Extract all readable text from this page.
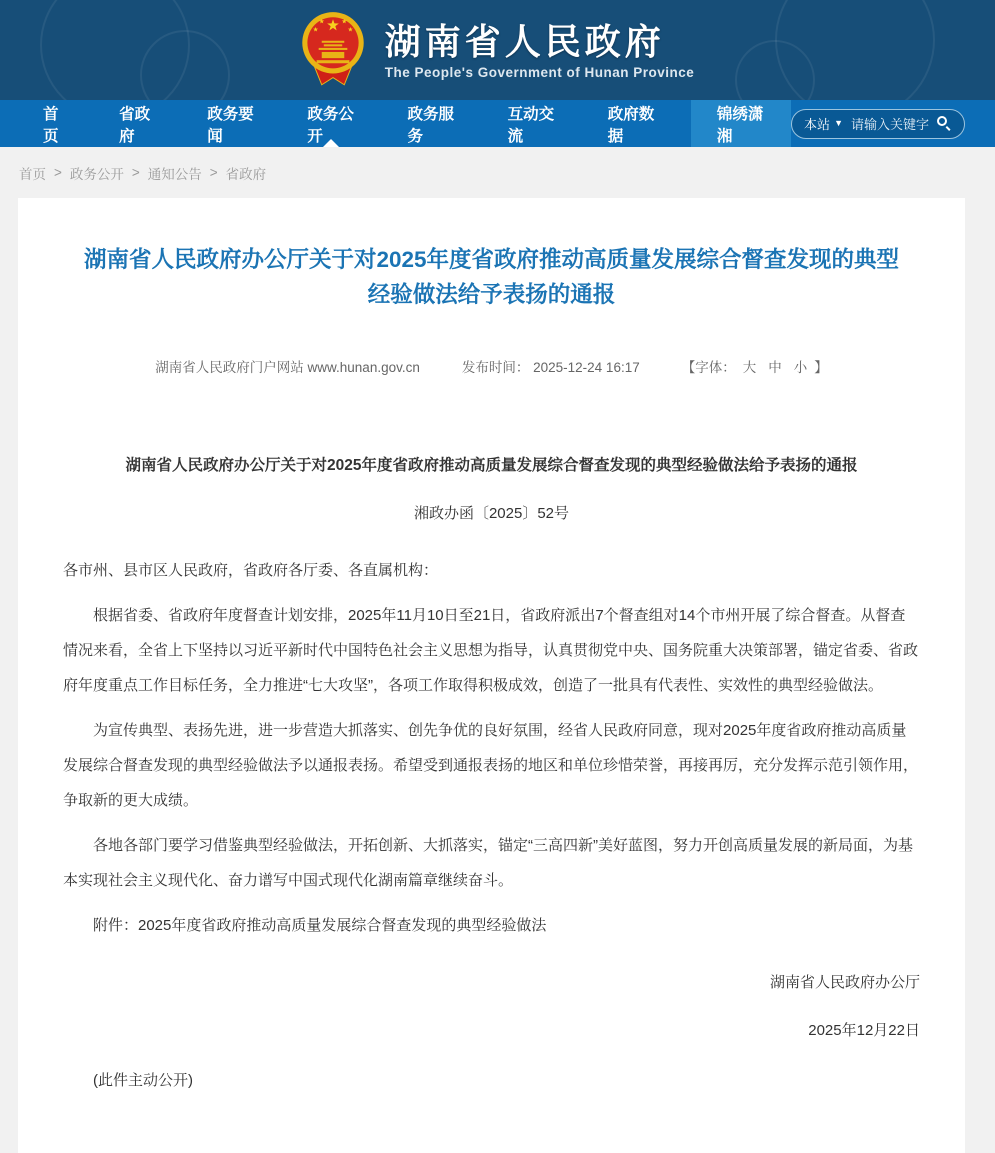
湖南省人民政府
The People's Government of Hunan Province
首页
省政府
政务要闻
政务公开
政务服务
互动交流
政府数据
锦绣潇湘
本站 ▼ 请输入关键字
首页 > 政务公开 > 通知公告 > 省政府
湖南省人民政府办公厅关于对2025年度省政府推动高质量发展综合督查发现的典型经验做法给予表扬的通报
湖南省人民政府门户网站 www.hunan.gov.cn	发布时间： 2025-12-24 16:17	【字体： 大 中 小 】
湖南省人民政府办公厅关于对2025年度省政府推动高质量发展综合督查发现的典型经验做法给予表扬的通报
湘政办函〔2025〕52号

各市州、县市区人民政府，省政府各厅委、各直属机构：

根据省委、省政府年度督查计划安排，2025年11月10日至21日，省政府派出7个督查组对14个市州开展了综合督查。从督查情况来看，全省上下坚持以习近平新时代中国特色社会主义思想为指导，认真贯彻党中央、国务院重大决策部署，锚定省委、省政府年度重点工作目标任务，全力推进“七大攻坚”，各项工作取得积极成效，创造了一批具有代表性、实效性的典型经验做法。

为宣传典型、表扬先进，进一步营造大抓落实、创先争优的良好氛围，经省人民政府同意，现对2025年度省政府推动高质量发展综合督查发现的典型经验做法予以通报表扬。希望受到通报表扬的地区和单位珍惜荣誉，再接再厉，充分发挥示范引领作用，争取新的更大成绩。

各地各部门要学习借鉴典型经验做法，开拓创新、大抓落实，锚定“三高四新”美好蓝图，努力开创高质量发展的新局面，为基本实现社会主义现代化、奋力谱写中国式现代化湖南篇章继续奋斗。

附件：2025年度省政府推动高质量发展综合督查发现的典型经验做法
湖南省人民政府办公厅
2025年12月22日
(此件主动公开)
